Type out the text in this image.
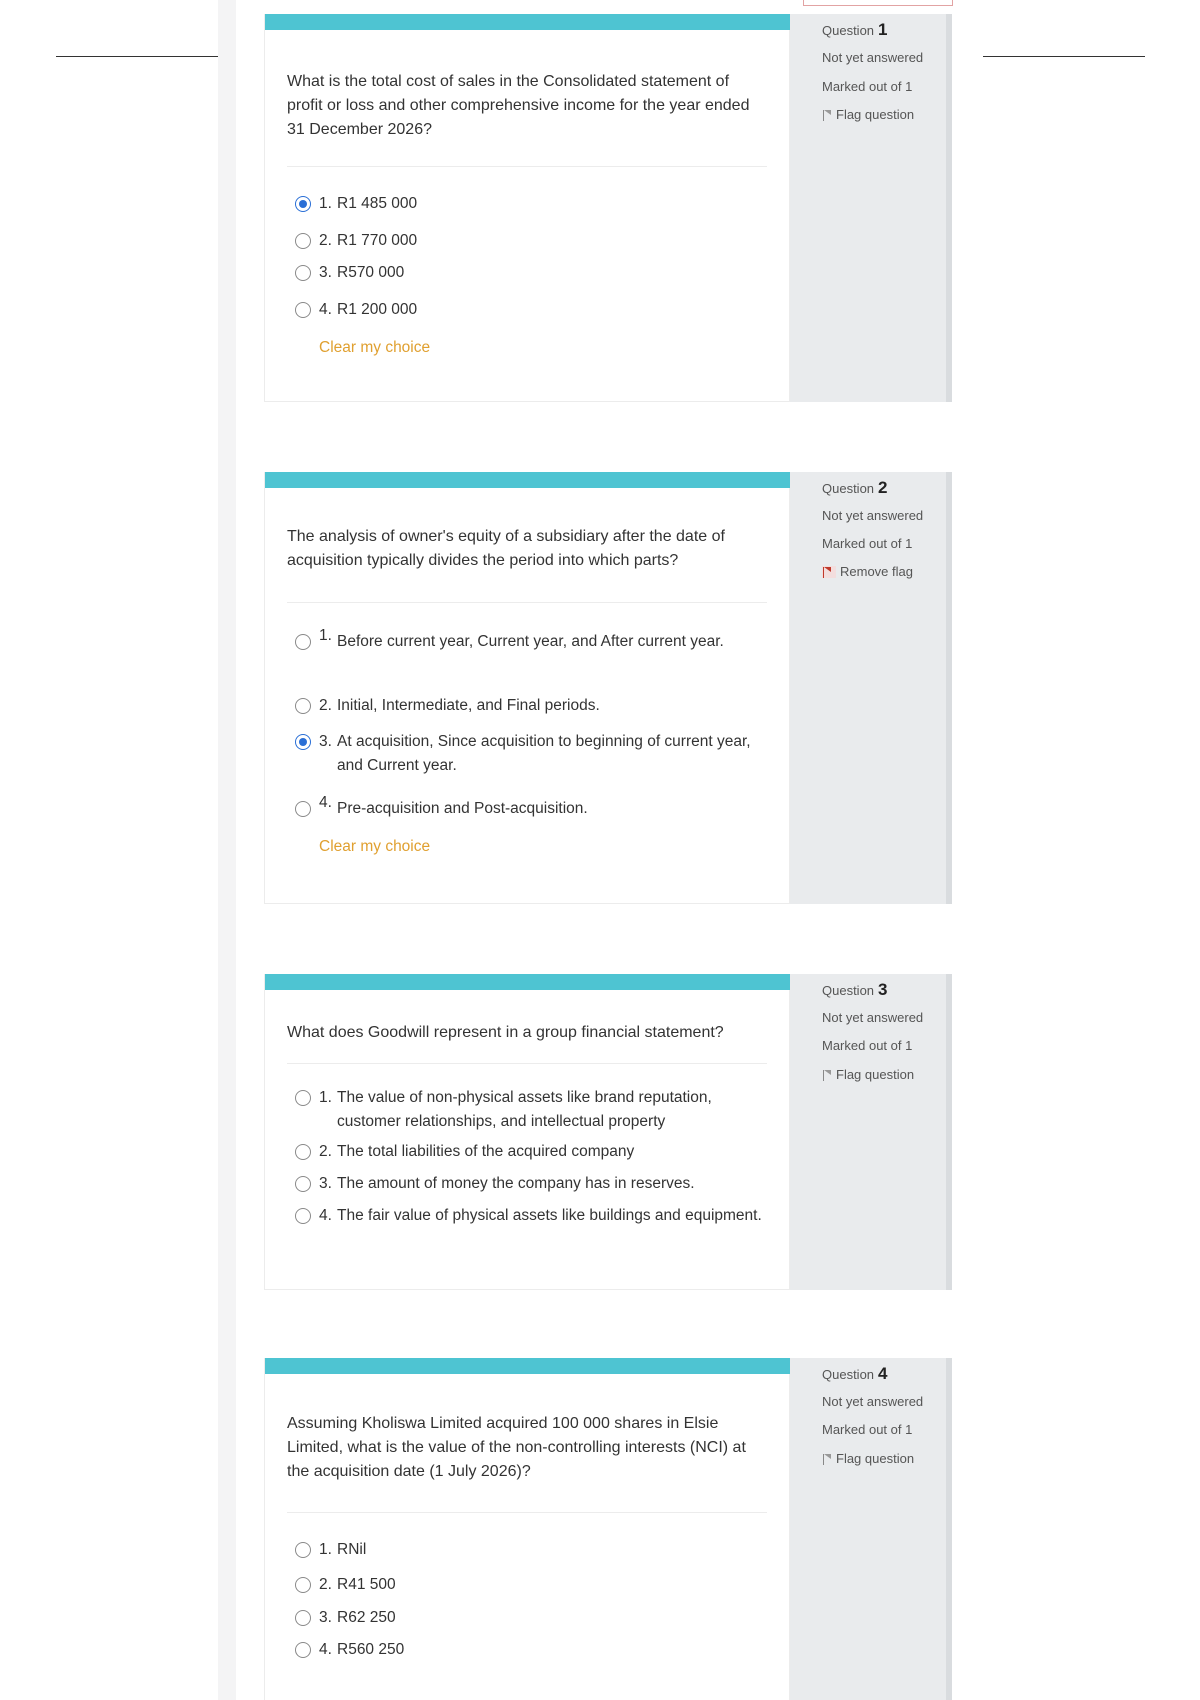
What is the total cost of sales in the Consolidated statement of profit or loss and other comprehensive income for the year ended 31 December 2026?
1. R1 485 000
2. R1 770 000
3. R570 000
4. R1 200 000
Clear my choice
Question 1
Not yet answered
Marked out of 1
Flag question
The analysis of owner's equity of a subsidiary after the date of acquisition typically divides the period into which parts?
1. Before current year, Current year, and After current year.
2. Initial, Intermediate, and Final periods.
3. At acquisition, Since acquisition to beginning of current year, and Current year.
4. Pre-acquisition and Post-acquisition.
Clear my choice
Question 2
Not yet answered
Marked out of 1
Remove flag
What does Goodwill represent in a group financial statement?
1. The value of non-physical assets like brand reputation, customer relationships, and intellectual property
2. The total liabilities of the acquired company
3. The amount of money the company has in reserves.
4. The fair value of physical assets like buildings and equipment.
Question 3
Not yet answered
Marked out of 1
Flag question
Assuming Kholiswa Limited acquired 100 000 shares in Elsie Limited, what is the value of the non-controlling interests (NCI) at the acquisition date (1 July 2026)?
1. RNil
2. R41 500
3. R62 250
4. R560 250
Question 4
Not yet answered
Marked out of 1
Flag question
